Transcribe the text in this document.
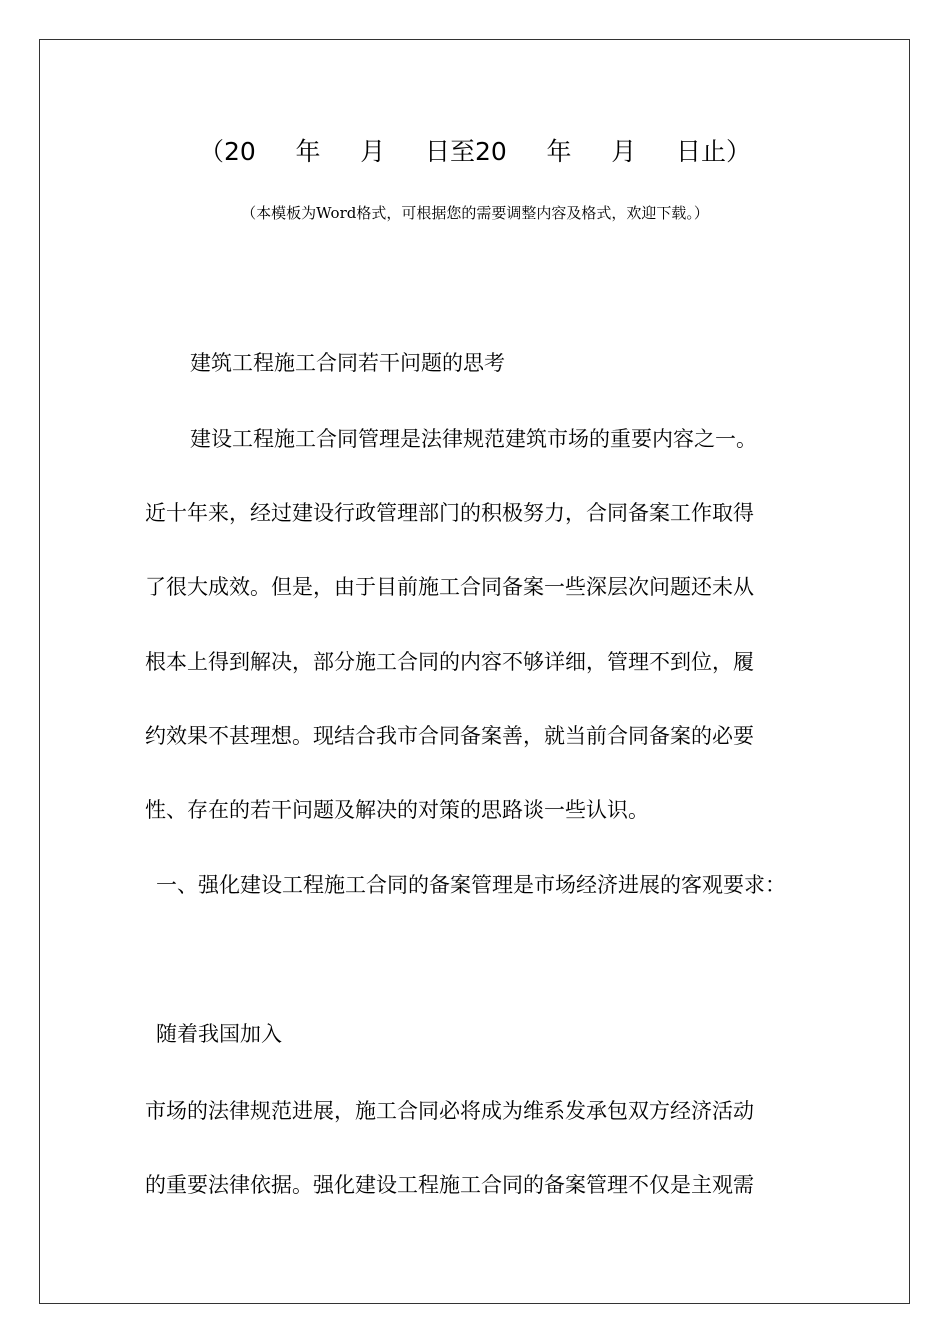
（20     年     月     日至20     年     月     日止）
（本模板为Word格式，可根据您的需要调整内容及格式，欢迎下载。）
建筑工程施工合同若干问题的思考
建设工程施工合同管理是法律规范建筑市场的重要内容之一。
近十年来，经过建设行政管理部门的积极努力，合同备案工作取得
了很大成效。但是，由于目前施工合同备案一些深层次问题还未从
根本上得到解决，部分施工合同的内容不够详细，管理不到位，履
约效果不甚理想。现结合我市合同备案善，就当前合同备案的必要
性、存在的若干问题及解决的对策的思路谈一些认识。
一、强化建设工程施工合同的备案管理是市场经济进展的客观要求：
随着我国加入
市场的法律规范进展，施工合同必将成为维系发承包双方经济活动
的重要法律依据。强化建设工程施工合同的备案管理不仅是主观需
